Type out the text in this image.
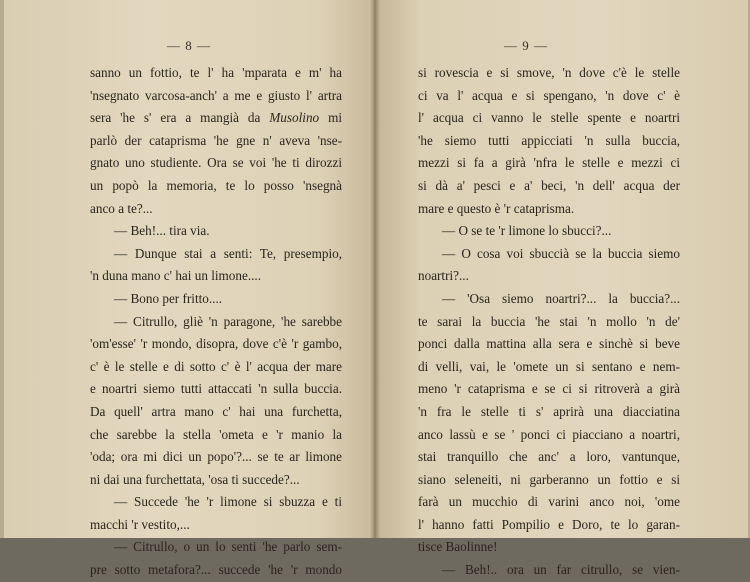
— 8 —
sanno un fottio, te l' ha 'mparata e m' ha
'nsegnato varcosa-anch' a me e giusto l' artra
sera 'he s' era a mangià da Musolino mi
parlò der cataprisma 'he gne n' aveva 'nse-
gnato uno studiente. Ora se voi 'he ti dirozzi
un popò la memoria, te lo posso 'nsegnà
anco a te?...
— Beh!... tira via.
— Dunque stai a senti: Te, presempio,
'n duna mano c' hai un limone....
— Bono per fritto....
— Citrullo, gliè 'n paragone, 'he sarebbe
'om'esse' 'r mondo, disopra, dove c'è 'r gambo,
c' è le stelle e di sotto c' è l' acqua der mare
e noartri siemo tutti attaccati 'n sulla buccia.
Da quell' artra mano c' hai una furchetta,
che sarebbe la stella 'ometa e 'r manio la
'oda; ora mi dici un popo'?... se te ar limone
ni dai una furchettata, 'osa ti succede?...
— Succede 'he 'r limone si sbuzza e ti
macchi 'r vestito,...
— Citrullo, o un lo senti 'he parlo sem-
pre sotto metafora?... succede 'he 'r mondo
— 9 —
si rovescia e si smove, 'n dove c'è le stelle
ci va l' acqua e si spengano, 'n dove c' è
l' acqua ci vanno le stelle spente e noartri
'he siemo tutti appicciati 'n sulla buccia,
mezzi si fa a girà 'nfra le stelle e mezzi ci
si dà a' pesci e a' beci, 'n dell' acqua der
mare e questo è 'r cataprisma.
— O se te 'r limone lo sbucci?...
— O cosa voi sbuccià se la buccia siemo
noartri?...
— 'Osa siemo noartri?... la buccia?...
te sarai la buccia 'he stai 'n mollo 'n de'
ponci dalla mattina alla sera e sinchè si beve
di velli, vai, le 'omete un si sentano e nem-
meno 'r cataprisma e se ci si ritroverà a girà
'n fra le stelle ti s' aprirà una diacciatina
anco lassù e se ' ponci ci piacciano a noartri,
stai tranquillo che anc' a loro, vantunque,
siano seleneiti, ni garberanno un fottio e si
farà un mucchio di varini anco noi, 'ome
l' hanno fatti Pompilio e Doro, te lo garan-
tisce Baolinne!
— Beh!.. ora un far citrullo, se vien-
